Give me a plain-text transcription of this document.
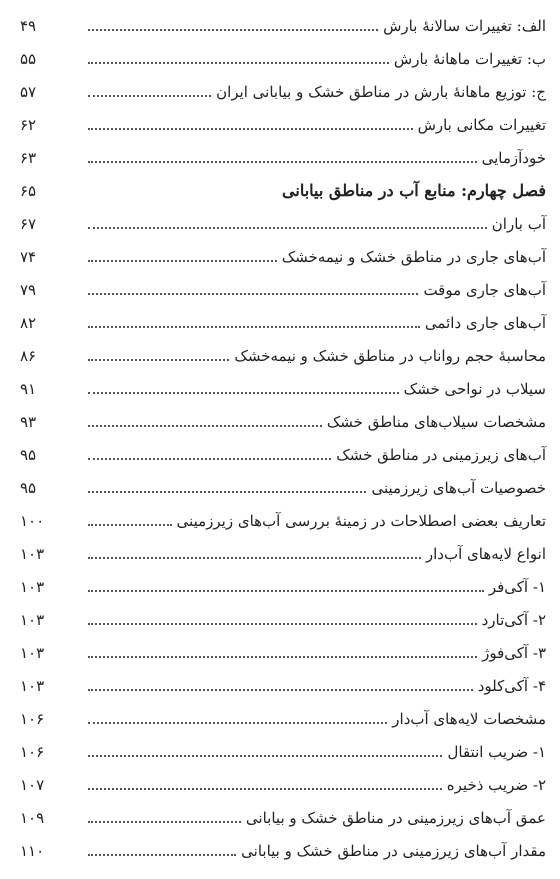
الف: تغییرات سالانهٔ بارش
۴۹
ب: تغییرات ماهانهٔ بارش
۵۵
ج: توزیع ماهانهٔ بارش در مناطق خشک و بیابانی ایران
۵۷
تغییرات مکانی بارش
۶۲
خودآزمایی
۶۳
فصل چهارم: منابع آب در مناطق بیابانی
۶۵
آب باران
۶۷
آب‌های جاری در مناطق خشک و نیمه‌خشک
۷۴
آب‌های جاری موقت
۷۹
آب‌های جاری دائمی
۸۲
محاسبهٔ حجم رواناب در مناطق خشک و نیمه‌خشک
۸۶
سیلاب در نواحی خشک
۹۱
مشخصات سیلاب‌های مناطق خشک
۹۳
آب‌های زیرزمینی در مناطق خشک
۹۵
خصوصیات آب‌های زیرزمینی
۹۵
تعاریف بعضی اصطلاحات در زمینهٔ بررسی آب‌های زیرزمینی
۱۰۰
انواع لایه‌های آب‌دار
۱۰۳
۱- آکی‌فر
۱۰۳
۲- آکی‌تارد
۱۰۳
۳- آکی‌فوژ
۱۰۳
۴- آکی‌کلود
۱۰۳
مشخصات لایه‌های آب‌دار
۱۰۶
۱- ضریب انتقال
۱۰۶
۲- ضریب ذخیره
۱۰۷
عمق آب‌های زیرزمینی در مناطق خشک و بیابانی
۱۰۹
مقدار آب‌های زیرزمینی در مناطق خشک و بیابانی
۱۱۰
